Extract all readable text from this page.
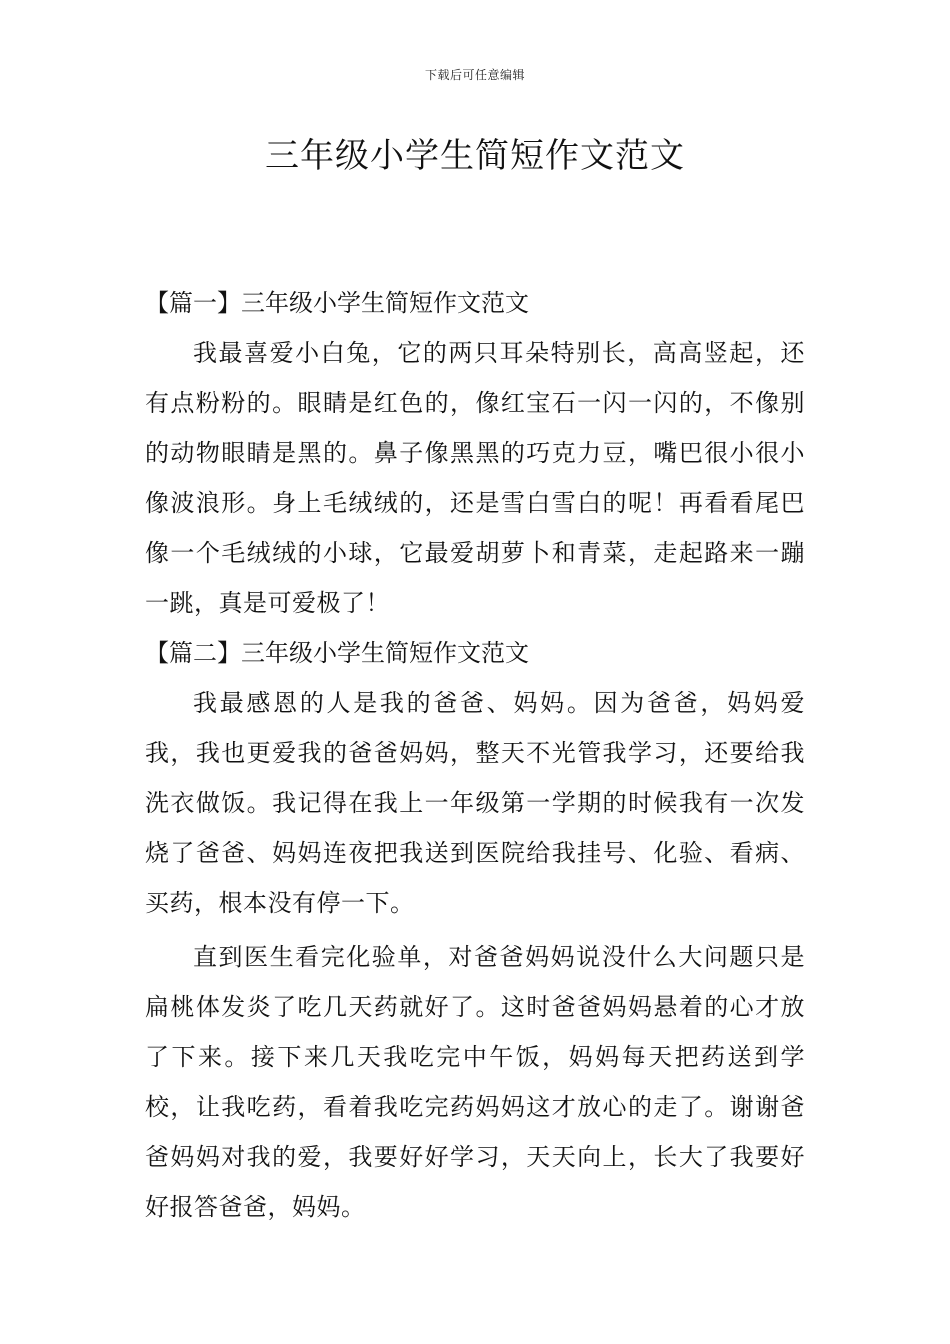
下载后可任意编辑
三年级小学生简短作文范文
【篇一】三年级小学生简短作文范文

我最喜爱小白兔，它的两只耳朵特别长，高高竖起，还有点粉粉的。眼睛是红色的，像红宝石一闪一闪的，不像别的动物眼睛是黑的。鼻子像黑黑的巧克力豆，嘴巴很小很小像波浪形。身上毛绒绒的，还是雪白雪白的呢！再看看尾巴像一个毛绒绒的小球，它最爱胡萝卜和青菜，走起路来一蹦一跳，真是可爱极了！

【篇二】三年级小学生简短作文范文

我最感恩的人是我的爸爸、妈妈。因为爸爸，妈妈爱我，我也更爱我的爸爸妈妈，整天不光管我学习，还要给我洗衣做饭。我记得在我上一年级第一学期的时候我有一次发烧了爸爸、妈妈连夜把我送到医院给我挂号、化验、看病、买药，根本没有停一下。

直到医生看完化验单，对爸爸妈妈说没什么大问题只是扁桃体发炎了吃几天药就好了。这时爸爸妈妈悬着的心才放了下来。接下来几天我吃完中午饭，妈妈每天把药送到学校，让我吃药，看着我吃完药妈妈这才放心的走了。谢谢爸爸妈妈对我的爱，我要好好学习，天天向上，长大了我要好好报答爸爸，妈妈。
